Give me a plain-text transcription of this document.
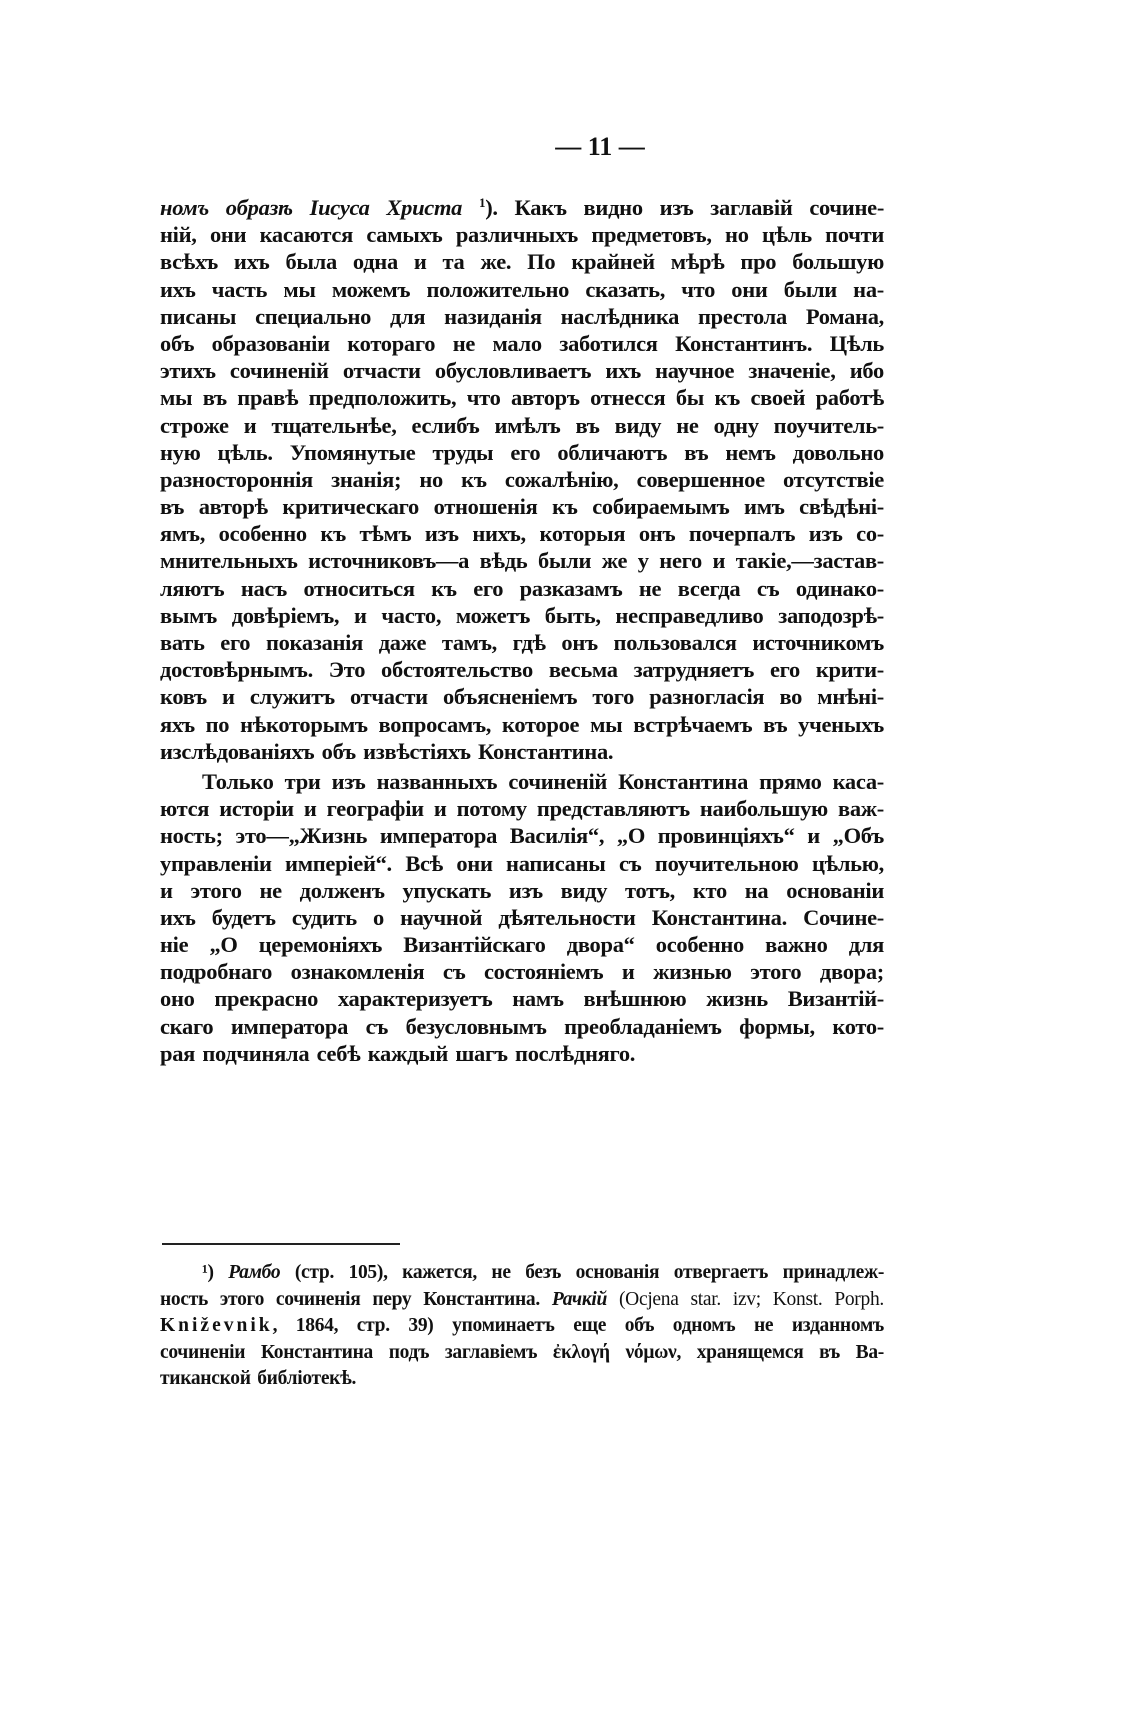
— 11 —
номъ образѣ Іисуса Христа $^1$). Какъ видно изъ заглавій сочине-
ній, они касаются самыхъ различныхъ предметовъ, но цѣль почти
всѣхъ ихъ была одна и та же. По крайней мѣрѣ про большую
ихъ часть мы можемъ положительно сказать, что они были на-
писаны специально для назиданія наслѣдника престола Романа,
объ образованіи котораго не мало заботился Константинъ. Цѣль
этихъ сочиненій отчасти обусловливаетъ ихъ научное значеніе, ибо
мы въ правѣ предположить, что авторъ отнесся бы къ своей работѣ
строже и тщательнѣе, еслибъ имѣлъ въ виду не одну поучитель-
ную цѣль. Упомянутые труды его обличаютъ въ немъ довольно
разностороннія знанія; но къ сожалѣнію, совершенное отсутствіе
въ авторѣ критическаго отношенія къ собираемымъ имъ свѣдѣні-
ямъ, особенно къ тѣмъ изъ нихъ, которыя онъ почерпалъ изъ со-
мнительныхъ источниковъ—а вѣдь были же у него и такіе,—застав-
ляютъ насъ относиться къ его разказамъ не всегда съ одинако-
вымъ довѣріемъ, и часто, можетъ быть, несправедливо заподозрѣ-
вать его показанія даже тамъ, гдѣ онъ пользовался источникомъ
достовѣрнымъ. Это обстоятельство весьма затрудняетъ его крити-
ковъ и служитъ отчасти объясненіемъ того разногласія во мнѣні-
яхъ по нѣкоторымъ вопросамъ, которое мы встрѣчаемъ въ ученыхъ
изслѣдованіяхъ объ извѣстіяхъ Константина.
Только три изъ названныхъ сочиненій Константина прямо каса-
ются исторіи и географіи и потому представляютъ наибольшую важ-
ность; это—„Жизнь императора Василія“, „О провинціяхъ“ и „Объ
управленіи имперіей“. Всѣ они написаны съ поучительною цѣлью,
и этого не долженъ упускать изъ виду тотъ, кто на основаніи
ихъ будетъ судить о научной дѣятельности Константина. Сочине-
ніе „О церемоніяхъ Византійскаго двора“ особенно важно для
подробнаго ознакомленія съ состояніемъ и жизнью этого двора;
оно прекрасно характеризуетъ намъ внѣшнюю жизнь Византій-
скаго императора съ безусловнымъ преобладаніемъ формы, кото-
рая подчиняла себѣ каждый шагъ послѣдняго.
¹) Рамбо (стр. 105), кажется, не безъ основанія отвергаетъ принадлеж-
ность этого сочиненія перу Константина. Рачкій (Ocjena star. izv; Konst. Porph.
Kniževnik, 1864, стр. 39) упоминаетъ еще объ одномъ не изданномъ
сочиненіи Константина подъ заглавіемъ ἐκλογή νόμων, хранящемся въ Ва-
тиканской библіотекѣ.
